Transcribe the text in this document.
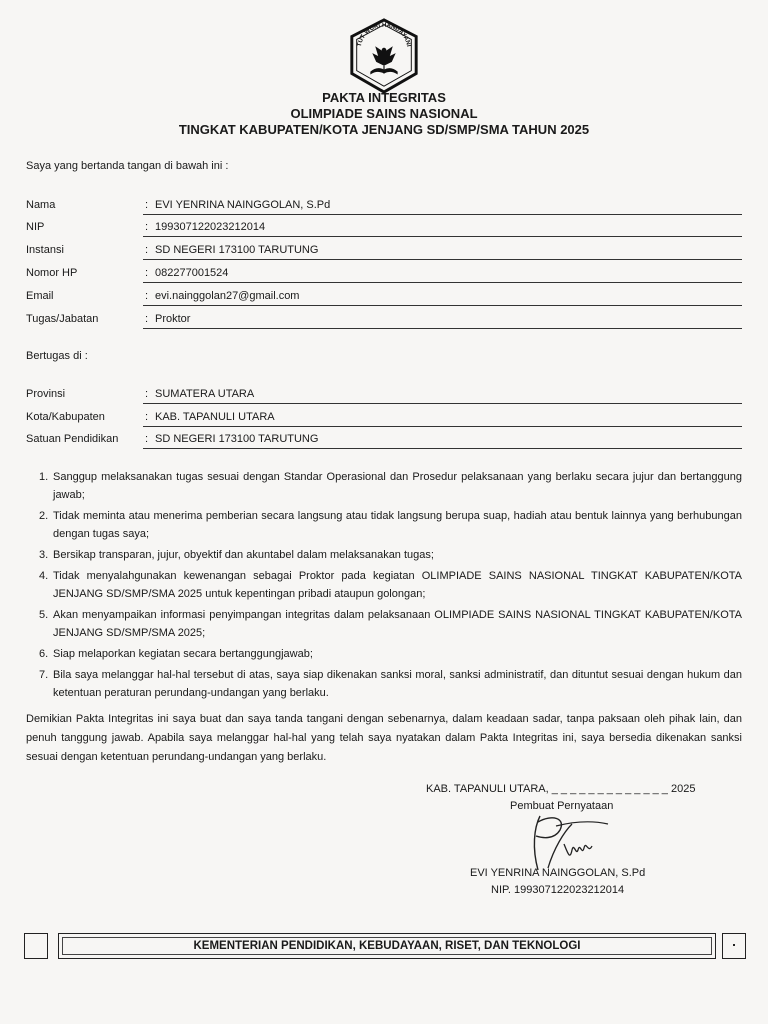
TUT WURI HANDAYANI
PAKTA INTEGRITAS
OLIMPIADE SAINS NASIONAL
TINGKAT KABUPATEN/KOTA JENJANG SD/SMP/SMA TAHUN 2025
Saya yang bertanda tangan di bawah ini :
Nama	: EVI YENRINA NAINGGOLAN, S.Pd
NIP	: 199307122023212014
Instansi	: SD NEGERI 173100 TARUTUNG
Nomor HP	: 082277001524
Email	: evi.nainggolan27@gmail.com
Tugas/Jabatan	: Proktor
Bertugas di :
Provinsi	: SUMATERA UTARA
Kota/Kabupaten	: KAB. TAPANULI UTARA
Satuan Pendidikan : SD NEGERI 173100 TARUTUNG
1. Sanggup melaksanakan tugas sesuai dengan Standar Operasional dan Prosedur pelaksanaan yang berlaku secara jujur dan bertanggung jawab;
2. Tidak meminta atau menerima pemberian secara langsung atau tidak langsung berupa suap, hadiah atau bentuk lainnya yang berhubungan dengan tugas saya;
3. Bersikap transparan, jujur, obyektif dan akuntabel dalam melaksanakan tugas;
4. Tidak menyalahgunakan kewenangan sebagai Proktor pada kegiatan OLIMPIADE SAINS NASIONAL TINGKAT KABUPATEN/KOTA JENJANG SD/SMP/SMA 2025 untuk kepentingan pribadi ataupun golongan;
5. Akan menyampaikan informasi penyimpangan integritas dalam pelaksanaan OLIMPIADE SAINS NASIONAL TINGKAT KABUPATEN/KOTA JENJANG SD/SMP/SMA 2025;
6. Siap melaporkan kegiatan secara bertanggungjawab;
7. Bila saya melanggar hal-hal tersebut di atas, saya siap dikenakan sanksi moral, sanksi administratif, dan dituntut sesuai dengan hukum dan ketentuan peraturan perundang-undangan yang berlaku.

Demikian Pakta Integritas ini saya buat dan saya tanda tangani dengan sebenarnya, dalam keadaan sadar, tanpa paksaan oleh pihak lain, dan penuh tanggung jawab. Apabila saya melanggar hal-hal yang telah saya nyatakan dalam Pakta Integritas ini, saya bersedia dikenakan sanksi sesuai dengan ketentuan perundang-undangan yang berlaku.

KAB. TAPANULI UTARA, _ _ _ _ _ _ _ _ _ _ _ _ _ 2025
Pembuat Pernyataan
EVI YENRINA NAINGGOLAN, S.Pd
NIP. 199307122023212014
KEMENTERIAN PENDIDIKAN, KEBUDAYAAN, RISET, DAN TEKNOLOGI
